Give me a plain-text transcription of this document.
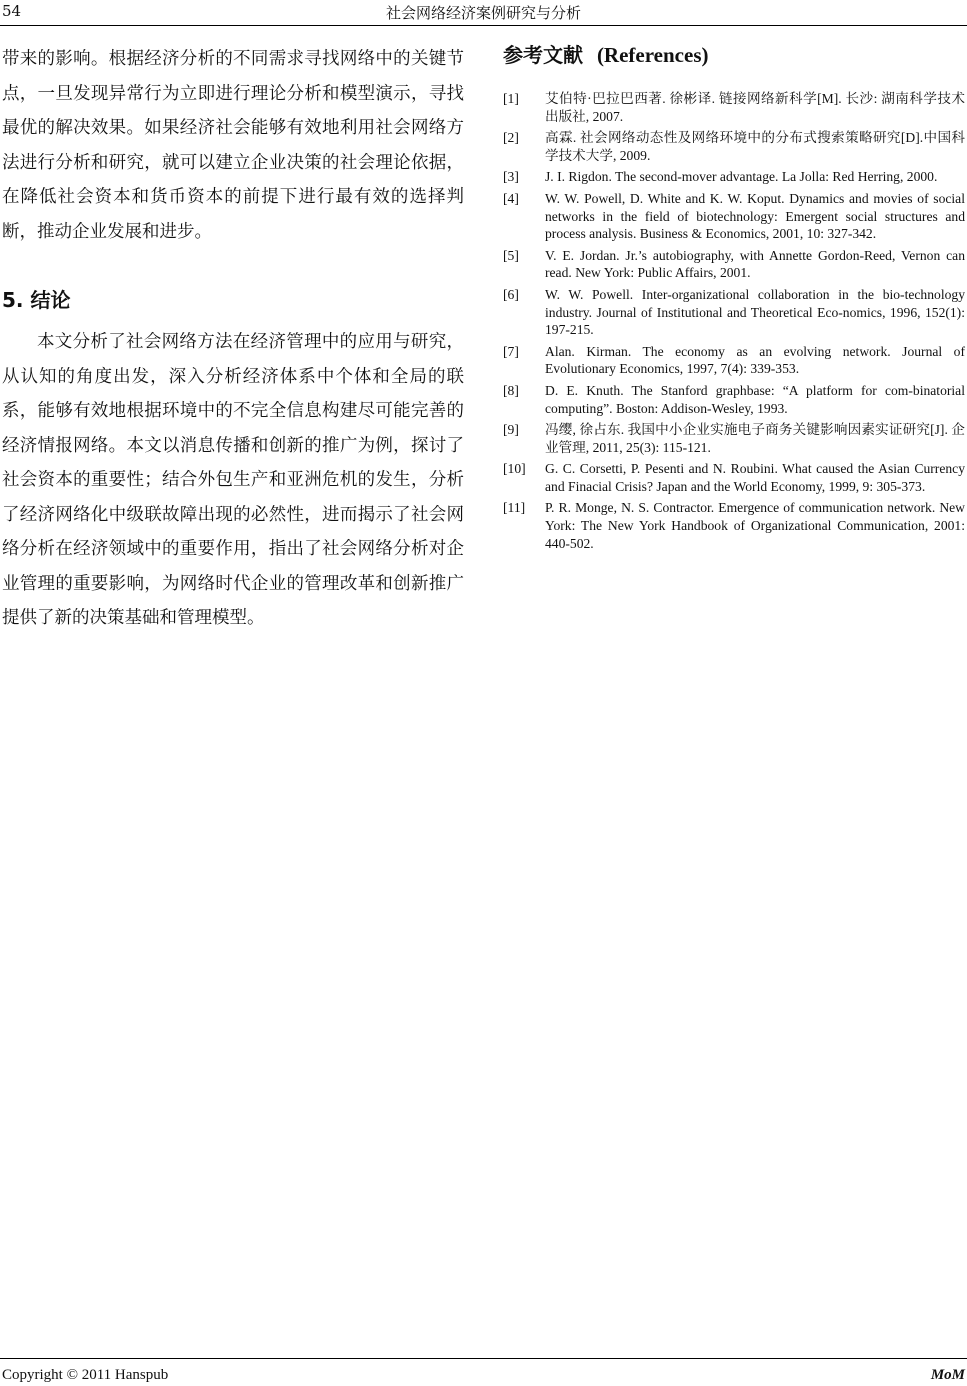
54	社会网络经济案例研究与分析

带来的影响。根据经济分析的不同需求寻找网络中的关键节点，一旦发现异常行为立即进行理论分析和模型演示，寻找最优的解决效果。如果经济社会能够有效地利用社会网络方法进行分析和研究，就可以建立企业决策的社会理论依据，在降低社会资本和货币资本的前提下进行最有效的选择判断，推动企业发展和进步。

5. 结论

本文分析了社会网络方法在经济管理中的应用与研究，从认知的角度出发，深入分析经济体系中个体和全局的联系，能够有效地根据环境中的不完全信息构建尽可能完善的经济情报网络。本文以消息传播和创新的推广为例，探讨了社会资本的重要性；结合外包生产和亚洲危机的发生，分析了经济网络化中级联故障出现的必然性，进而揭示了社会网络分析在经济领域中的重要作用，指出了社会网络分析对企业管理的重要影响，为网络时代企业的管理改革和创新推广提供了新的决策基础和管理模型。

参考文献 (References)
[1]	艾伯特·巴拉巴西著. 徐彬译. 链接网络新科学[M]. 长沙: 湖南科学技术出版社, 2007.
[2]	高霖. 社会网络动态性及网络环境中的分布式搜索策略研究[D].中国科学技术大学, 2009.
[3]	J. I. Rigdon. The second-mover advantage. La Jolla: Red Herring, 2000.
[4]	W. W. Powell, D. White and K. W. Koput. Dynamics and movies of social networks in the field of biotechnology: Emergent social structures and process analysis. Business & Economics, 2001, 10: 327-342.
[5]	V. E. Jordan. Jr.’s autobiography, with Annette Gordon-Reed, Vernon can read. New York: Public Affairs, 2001.
[6]	W. W. Powell. Inter-organizational collaboration in the bio-technology industry. Journal of Institutional and Theoretical Eco-nomics, 1996, 152(1): 197-215.
[7]	Alan. Kirman. The economy as an evolving network. Journal of Evolutionary Economics, 1997, 7(4): 339-353.
[8]	D. E. Knuth. The Stanford graphbase: “A platform for com-binatorial computing”. Boston: Addison-Wesley, 1993.
[9]	冯缨, 徐占东. 我国中小企业实施电子商务关键影响因素实证研究[J]. 企业管理, 2011, 25(3): 115-121.
[10]	G. C. Corsetti, P. Pesenti and N. Roubini. What caused the Asian Currency and Finacial Crisis? Japan and the World Economy, 1999, 9: 305-373.
[11]	P. R. Monge, N. S. Contractor. Emergence of communication network. New York: The New York Handbook of Organizational Communication, 2001: 440-502.
Copyright © 2011 Hanspub	MoM
